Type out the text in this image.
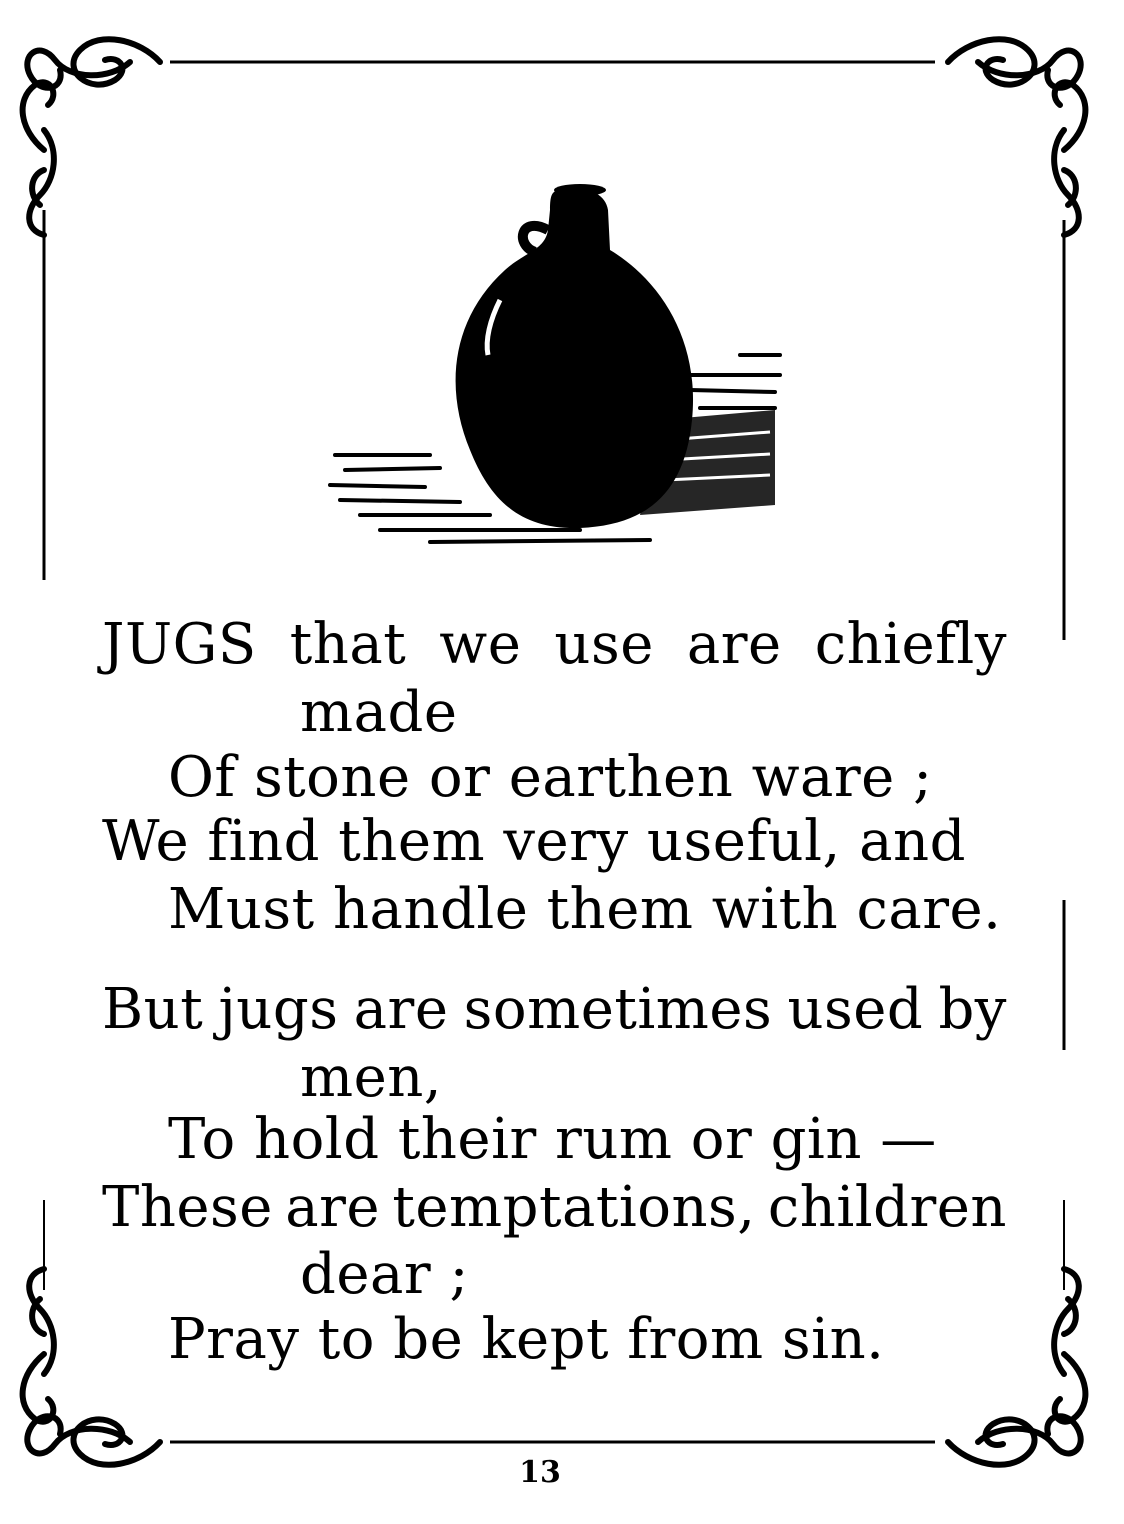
JUGS that we use are chiefly
made
Of stone or earthen ware ;
We find them very useful, and
Must handle them with care.
But jugs are sometimes used by
men,
To hold their rum or gin —
These are temptations, children
dear ;
Pray to be kept from sin.
13
